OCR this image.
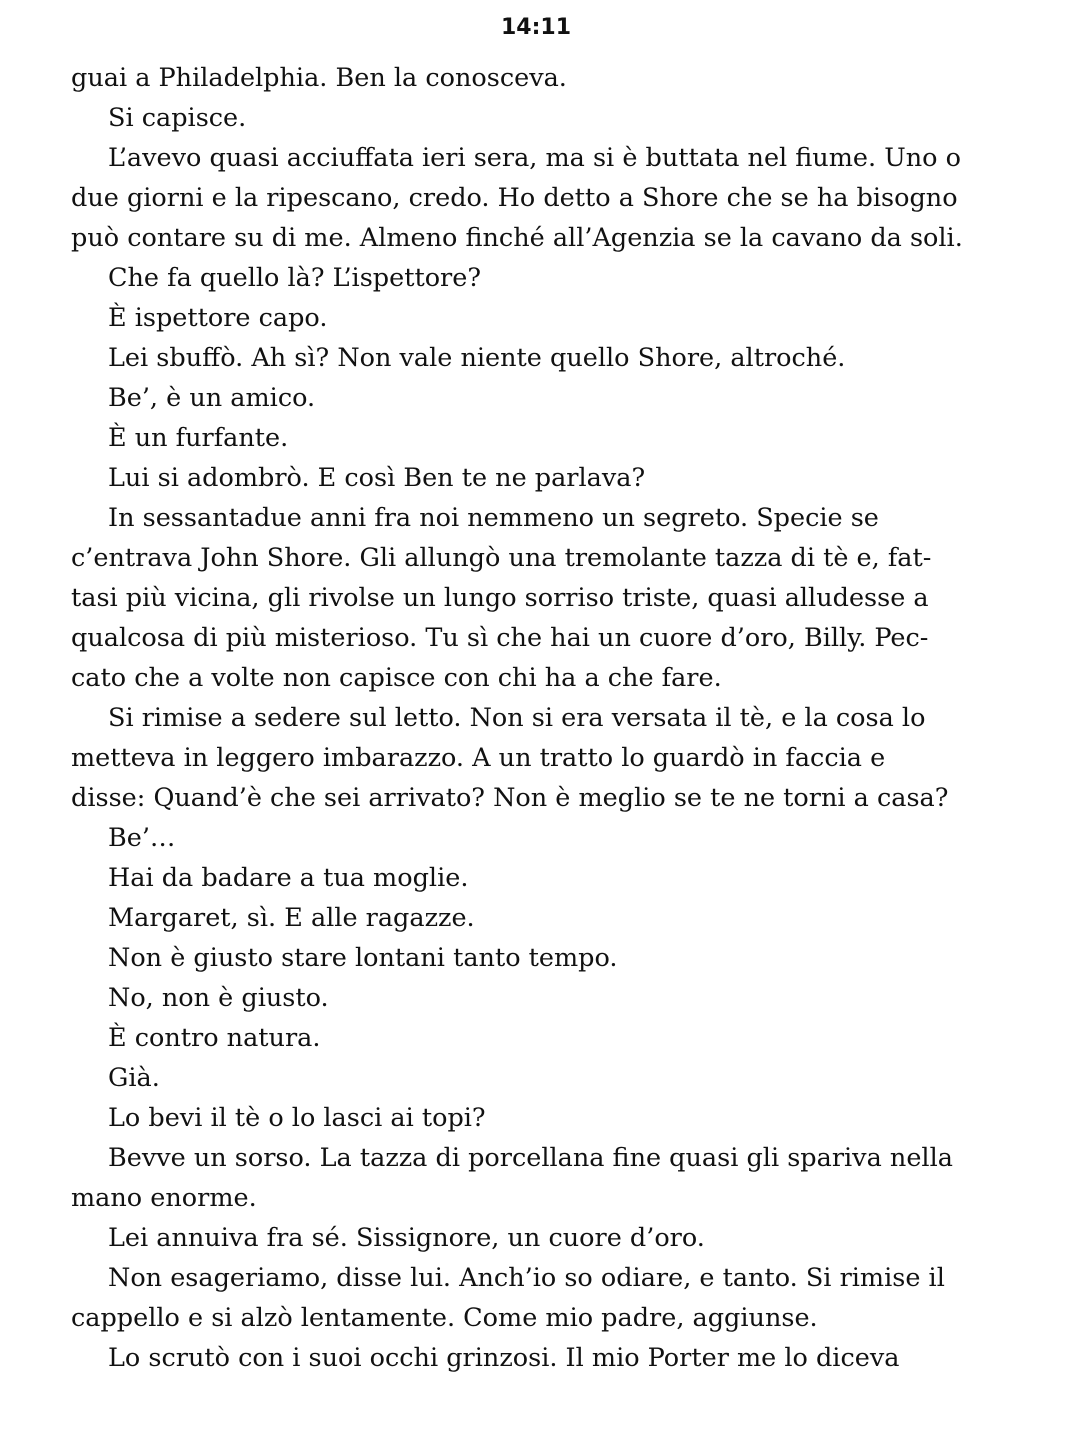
14:11
guai a Philadelphia. Ben la conosceva.
Si capisce.
L’avevo quasi acciuffata ieri sera, ma si è buttata nel fiume. Uno o
due giorni e la ripescano, credo. Ho detto a Shore che se ha bisogno
può contare su di me. Almeno finché all’Agenzia se la cavano da soli.
Che fa quello là? L’ispettore?
È ispettore capo.
Lei sbuffò. Ah sì? Non vale niente quello Shore, altroché.
Be’, è un amico.
È un furfante.
Lui si adombrò. E così Ben te ne parlava?
In sessantadue anni fra noi nemmeno un segreto. Specie se
c’entrava John Shore. Gli allungò una tremolante tazza di tè e, fat-
tasi più vicina, gli rivolse un lungo sorriso triste, quasi alludesse a
qualcosa di più misterioso. Tu sì che hai un cuore d’oro, Billy. Pec-
cato che a volte non capisce con chi ha a che fare.
Si rimise a sedere sul letto. Non si era versata il tè, e la cosa lo
metteva in leggero imbarazzo. A un tratto lo guardò in faccia e
disse: Quand’è che sei arrivato? Non è meglio se te ne torni a casa?
Be’…
Hai da badare a tua moglie.
Margaret, sì. E alle ragazze.
Non è giusto stare lontani tanto tempo.
No, non è giusto.
È contro natura.
Già.
Lo bevi il tè o lo lasci ai topi?
Bevve un sorso. La tazza di porcellana fine quasi gli spariva nella
mano enorme.
Lei annuiva fra sé. Sissignore, un cuore d’oro.
Non esageriamo, disse lui. Anch’io so odiare, e tanto. Si rimise il
cappello e si alzò lentamente. Come mio padre, aggiunse.
Lo scrutò con i suoi occhi grinzosi. Il mio Porter me lo diceva
